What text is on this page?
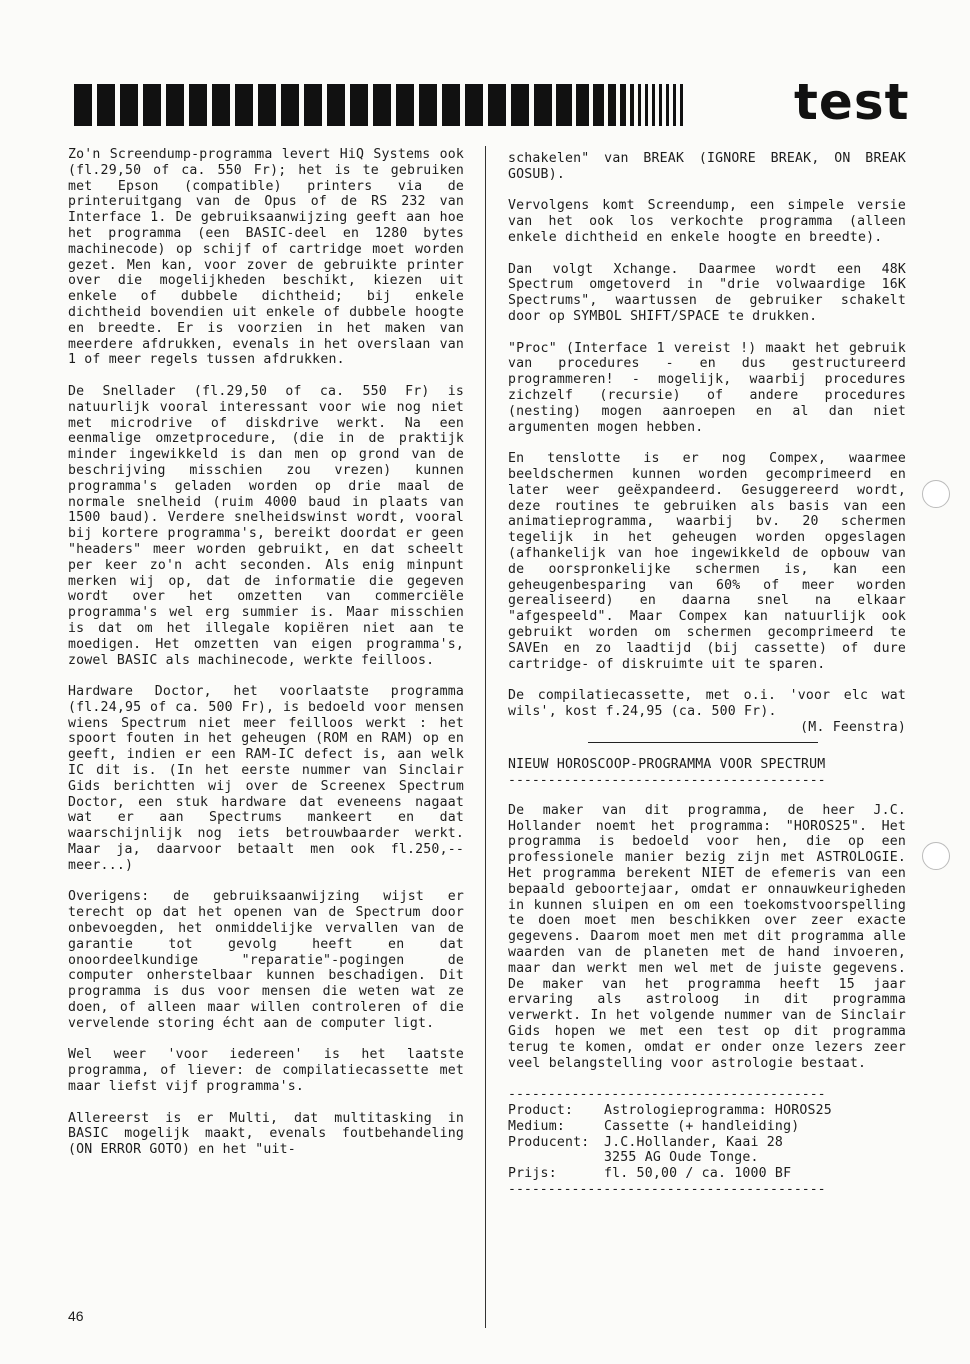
test

Zo'n Screendump-programma levert HiQ Systems ook (fl.29,50 of ca. 550 Fr); het is te gebruiken met Epson (compatible) printers via de printeruitgang van de Opus of de RS 232 van Interface 1. De gebruiksaanwijzing geeft aan hoe het programma (een BASIC-deel en 1280 bytes machinecode) op schijf of cartridge moet worden gezet. Men kan, voor zover de gebruikte printer over die mogelijkheden beschikt, kiezen uit enkele of dubbele dichtheid; bij enkele dichtheid bovendien uit enkele of dubbele hoogte en breedte. Er is voorzien in het maken van meerdere afdrukken, evenals in het overslaan van 1 of meer regels tussen afdrukken.

De Snellader (fl.29,50 of ca. 550 Fr) is natuurlijk vooral interessant voor wie nog niet met microdrive of diskdrive werkt. Na een eenmalige omzetprocedure, (die in de praktijk minder ingewikkeld is dan men op grond van de beschrijving misschien zou vrezen) kunnen programma's geladen worden op drie maal de normale snelheid (ruim 4000 baud in plaats van 1500 baud). Verdere snelheidswinst wordt, vooral bij kortere programma's, bereikt doordat er geen "headers" meer worden gebruikt, en dat scheelt per keer zo'n acht seconden. Als enig minpunt merken wij op, dat de informatie die gegeven wordt over het omzetten van commerciële programma's wel erg summier is. Maar misschien is dat om het illegale kopiëren niet aan te moedigen. Het omzetten van eigen programma's, zowel BASIC als machinecode, werkte feilloos.

Hardware Doctor, het voorlaatste programma (fl.24,95 of ca. 500 Fr), is bedoeld voor mensen wiens Spectrum niet meer feilloos werkt : het spoort fouten in het geheugen (ROM en RAM) op en geeft, indien er een RAM-IC defect is, aan welk IC dit is. (In het eerste nummer van Sinclair Gids berichtten wij over de Screenex Spectrum Doctor, een stuk hardware dat eveneens nagaat wat er aan Spectrums mankeert en dat waarschijnlijk nog iets betrouwbaarder werkt. Maar ja, daarvoor betaalt men ook fl.250,-- meer...)

Overigens: de gebruiksaanwijzing wijst er terecht op dat het openen van de Spectrum door onbevoegden, het onmiddelijke vervallen van de garantie tot gevolg heeft en dat onoordeelkundige "reparatie"-pogingen de computer onherstelbaar kunnen beschadigen. Dit programma is dus voor mensen die weten wat ze doen, of alleen maar willen controleren of die vervelende storing écht aan de computer ligt.

Wel weer 'voor iedereen' is het laatste programma, of liever: de compilatiecassette met maar liefst vijf programma's.

Allereerst is er Multi, dat multitasking in BASIC mogelijk maakt, evenals foutbehandeling (ON ERROR GOTO) en het "uit-

schakelen" van BREAK (IGNORE BREAK, ON BREAK GOSUB).

Vervolgens komt Screendump, een simpele versie van het ook los verkochte programma (alleen enkele dichtheid en enkele hoogte en breedte).

Dan volgt Xchange. Daarmee wordt een 48K Spectrum omgetoverd in "drie volwaardige 16K Spectrums", waartussen de gebruiker schakelt door op SYMBOL SHIFT/SPACE te drukken.

"Proc" (Interface 1 vereist !) maakt het gebruik van procedures - en dus gestructureerd programmeren! - mogelijk, waarbij procedures zichzelf (recursie) of andere procedures (nesting) mogen aanroepen en al dan niet argumenten mogen hebben.

En tenslotte is er nog Compex, waarmee beeldschermen kunnen worden gecomprimeerd en later weer geëxpandeerd. Gesuggereerd wordt, deze routines te gebruiken als basis van een animatieprogramma, waarbij bv. 20 schermen tegelijk in het geheugen worden opgeslagen (afhankelijk van hoe ingewikkeld de opbouw van de oorspronkelijke schermen is, kan een geheugenbesparing van 60% of meer worden gerealiseerd) en daarna snel na elkaar "afgespeeld". Maar Compex kan natuurlijk ook gebruikt worden om schermen gecomprimeerd te SAVEn en zo laadtijd (bij cassette) of dure cartridge- of diskruimte uit te sparen.

De compilatiecassette, met o.i. 'voor elc wat wils', kost f.24,95 (ca. 500 Fr).

(M. Feenstra)
NIEUW HOROSCOOP-PROGRAMMA VOOR SPECTRUM
----------------------------------------

De maker van dit programma, de heer J.C. Hollander noemt het programma: "HOROS25". Het programma is bedoeld voor hen, die op een professionele manier bezig zijn met ASTROLOGIE. Het programma berekent NIET de efemeris van een bepaald geboortejaar, omdat er onnauwkeurigheden in kunnen sluipen en om een toekomstvoorspelling te doen moet men beschikken over zeer exacte gegevens. Daarom moet men met dit programma alle waarden van de planeten met de hand invoeren, maar dan werkt men wel met de juiste gegevens. De maker van het programma heeft 15 jaar ervaring als astroloog in dit programma verwerkt. In het volgende nummer van de Sinclair Gids hopen we met een test op dit programma terug te komen, omdat er onder onze lezers zeer veel belangstelling voor astrologie bestaat.

----------------------------------------
Product:	Astrologieprogramma: HOROS25
Medium:	Cassette (+ handleiding)
Producent:	J.C.Hollander, Kaai 28
3255 AG Oude Tonge.
Prijs:	fl. 50,00 / ca. 1000 BF
----------------------------------------
46
